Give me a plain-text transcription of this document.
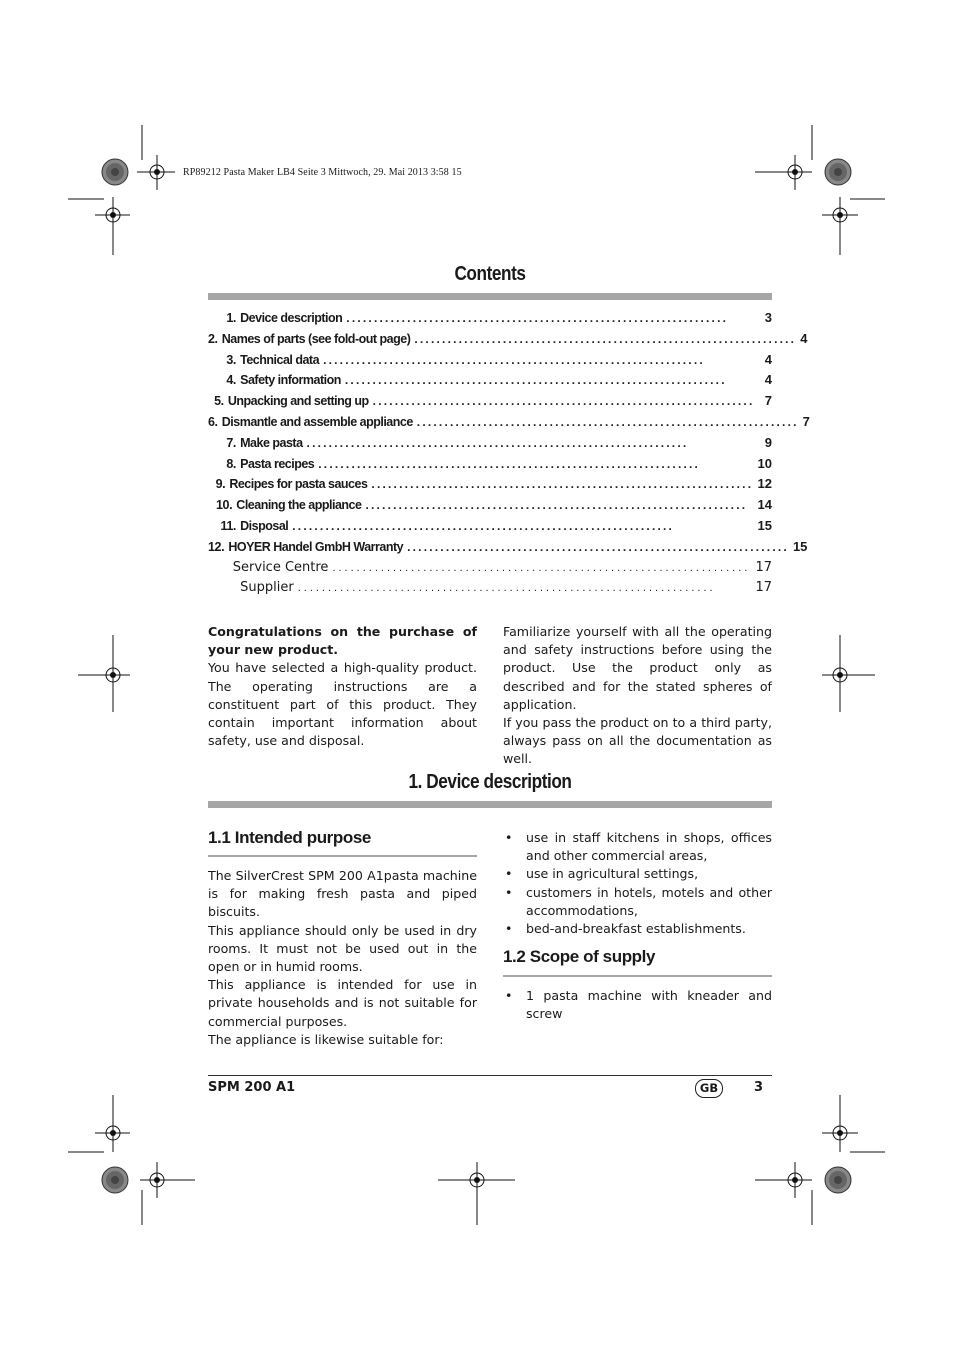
RP89212 Pasta Maker LB4 Seite 3 Mittwoch, 29. Mai 2013 3:58 15
Contents
1.
Device description .....................................................................	3
2.
Names of parts (see fold-out page) ..................................................................... 4
3.
Technical data .....................................................................	4
4.
Safety information .....................................................................	4
5.
Unpacking and setting up ..................................................................... 7
6.
Dismantle and assemble appliance ..................................................................... 7
7.
Make pasta .....................................................................	9
8.
Pasta recipes .....................................................................	10
9.
Recipes for pasta sauces ..................................................................... 12
10.
Cleaning the appliance ..................................................................... 14
11.
Disposal .....................................................................	15
12.
HOYER Handel GmbH Warranty ..................................................................... 15

Service Centre ..................................................................... 17

Supplier .....................................................................	17

Congratulations on the purchase of your new product.

You have selected a high-quality product. The operating instructions are a constituent part of this product. They contain important information about safety, use and disposal.

Familiarize yourself with all the operating and safety instructions before using the product. Use the product only as described and for the stated spheres of application.

If you pass the product on to a third party, always pass on all the documentation as well.

1. Device description
1.1 Intended purpose

The SilverCrest SPM 200 A1pasta machine is for making fresh pasta and piped biscuits.

This appliance should only be used in dry rooms. It must not be used out in the open or in humid rooms.

This appliance is intended for use in private households and is not suitable for commercial purposes.

The appliance is likewise suitable for:

• use in staff kitchens in shops, offices and other commercial areas,
• use in agricultural settings,
• customers in hotels, motels and other accommodations,
• bed-and-breakfast establishments.
1.2 Scope of supply
• 1 pasta machine with kneader and screw
SPM 200 A1	GB	3
